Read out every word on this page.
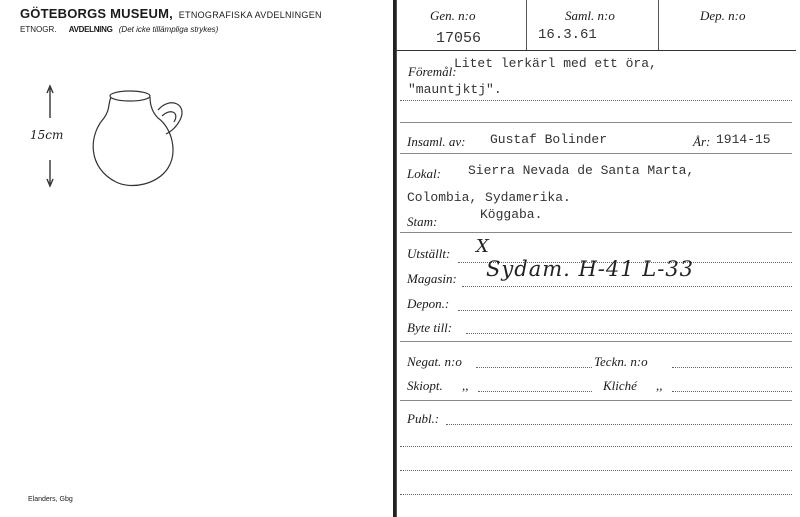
GÖTEBORGS MUSEUM, ETNOGRAFISKA AVDELNINGEN
ETNOGR. AVDELNING (Det icke tillämpliga strykes)
15cm
Elanders, Gbg
Gen. n:o
17056
Saml. n:o
16.3.61
Dep. n:o
Föremål:
Litet lerkärl med ett öra,
"mauntjktj".
Insaml. av: Gustaf Bolinder	År: 1914-15
Lokal: Sierra Nevada de Santa Marta,
Colombia, Sydamerika.
Stam:	Köggaba.
Utställt: X
Magasin: Sydam. H-41 L-33
Depon.:
Byte till:
Negat. n:o	Teckn. n:o
Skiopt. ,,	Kliché ,,
Publ.:
